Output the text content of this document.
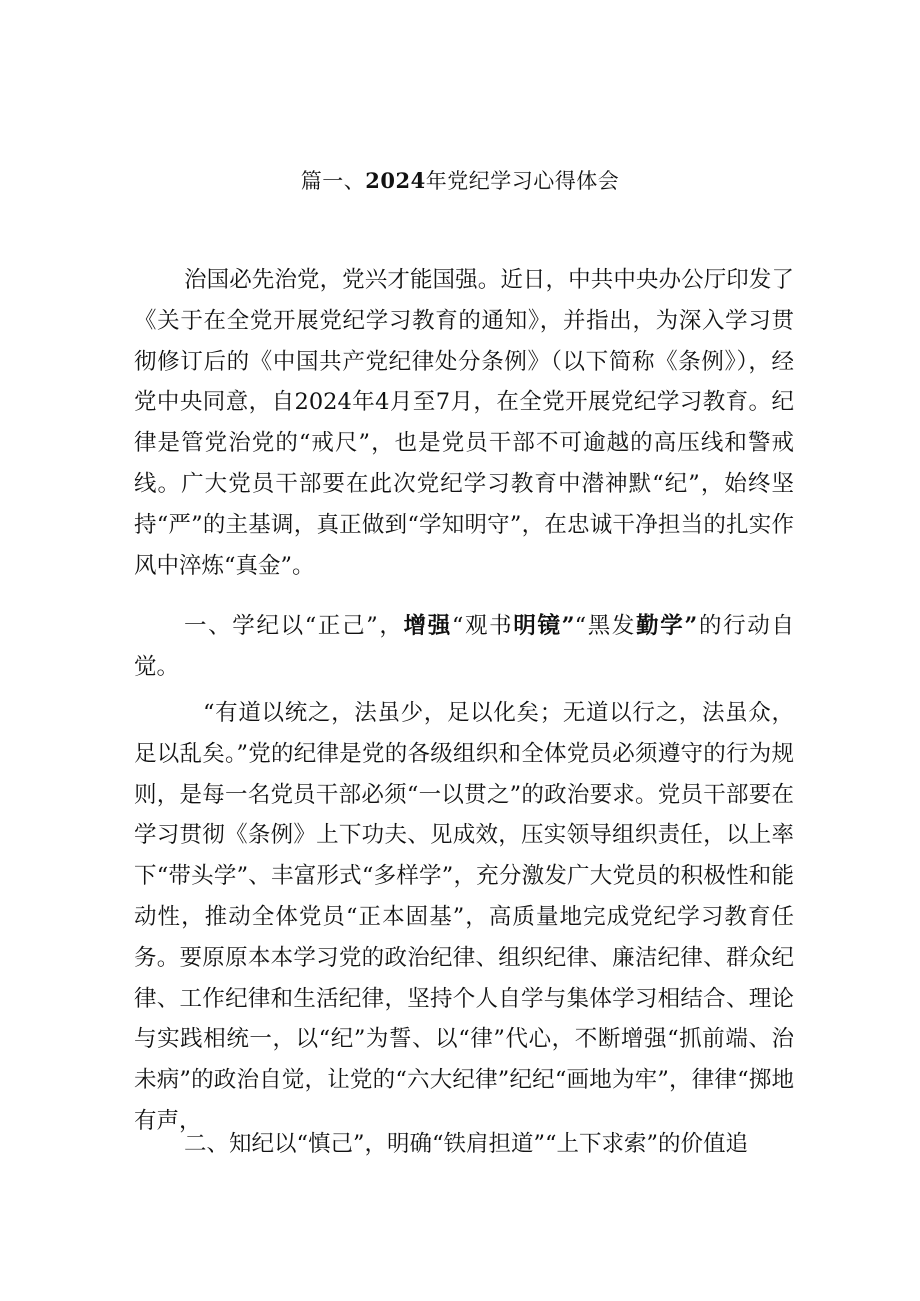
篇一、2024年党纪学习心得体会

治国必先治党，党兴才能国强。近日，中共中央办公厅印发了《关于在全党开展党纪学习教育的通知》，并指出，为深入学习贯彻修订后的《中国共产党纪律处分条例》（以下简称《条例》），经党中央同意，自2024年4月至7月，在全党开展党纪学习教育。纪律是管党治党的“戒尺”，也是党员干部不可逾越的高压线和警戒线。广大党员干部要在此次党纪学习教育中潜神默“纪”，始终坚持“严”的主基调，真正做到“学知明守”，在忠诚干净担当的扎实作风中淬炼“真金”。

一、学纪以“正己”，增强“观书明镜”“黑发勤学”的行动自觉。

“有道以统之，法虽少，足以化矣；无道以行之，法虽众，足以乱矣。”党的纪律是党的各级组织和全体党员必须遵守的行为规则，是每一名党员干部必须“一以贯之”的政治要求。党员干部要在学习贯彻《条例》上下功夫、见成效，压实领导组织责任，以上率下“带头学”、丰富形式“多样学”，充分激发广大党员的积极性和能动性，推动全体党员“正本固基”，高质量地完成党纪学习教育任务。要原原本本学习党的政治纪律、组织纪律、廉洁纪律、群众纪律、工作纪律和生活纪律，坚持个人自学与集体学习相结合、理论与实践相统一，以“纪”为誓、以“律”代心，不断增强“抓前端、治未病”的政治自觉，让党的“六大纪律”纪纪“画地为牢”，律律“掷地有声，

二、知纪以“慎己”，明确“铁肩担道”“上下求索”的价值追
